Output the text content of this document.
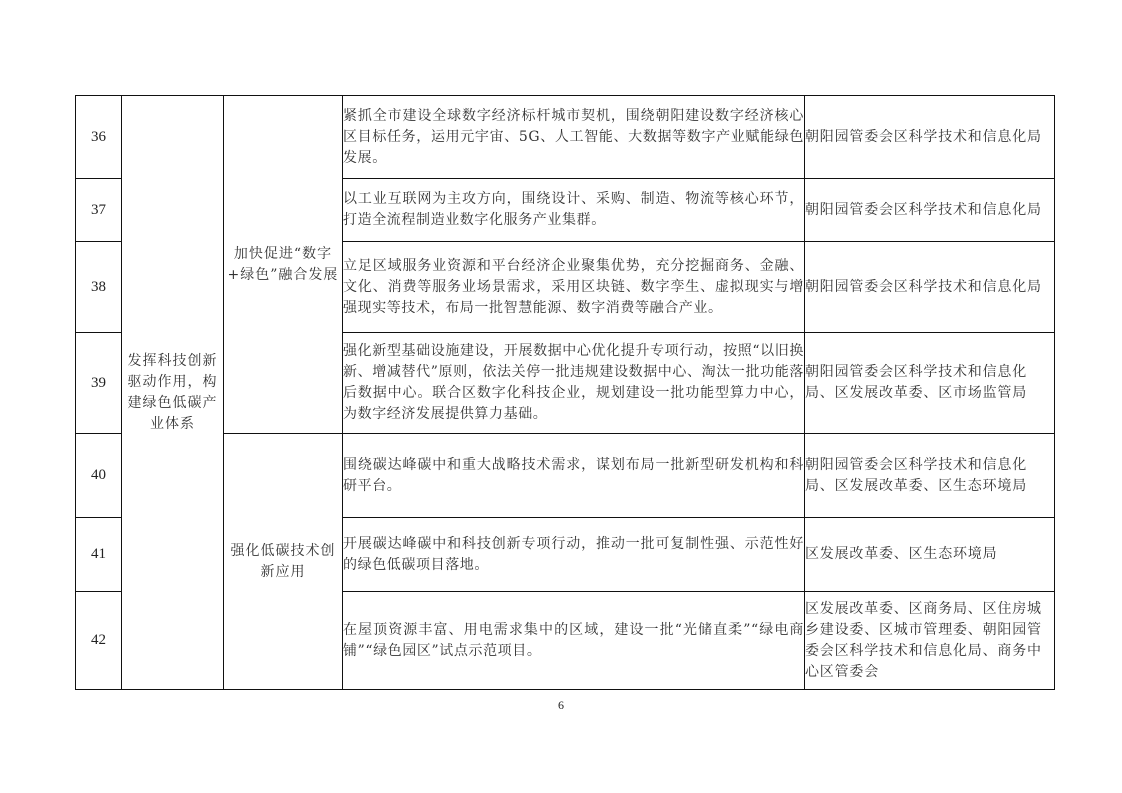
36	发挥科技创新驱动作用，构建绿色低碳产业体系	加快促进“数字+绿色”融合发展	紧抓全市建设全球数字经济标杆城市契机，围绕朝阳建设数字经济核心区目标任务，运用元宇宙、5G、人工智能、大数据等数字产业赋能绿色发展。	朝阳园管委会区科学技术和信息化局
37			以工业互联网为主攻方向，围绕设计、采购、制造、物流等核心环节，打造全流程制造业数字化服务产业集群。	朝阳园管委会区科学技术和信息化局
38			立足区域服务业资源和平台经济企业聚集优势，充分挖掘商务、金融、文化、消费等服务业场景需求，采用区块链、数字孪生、虚拟现实与增强现实等技术，布局一批智慧能源、数字消费等融合产业。	朝阳园管委会区科学技术和信息化局
39			强化新型基础设施建设，开展数据中心优化提升专项行动，按照“以旧换新、增减替代”原则，依法关停一批违规建设数据中心、淘汰一批功能落后数据中心。联合区数字化科技企业，规划建设一批功能型算力中心，为数字经济发展提供算力基础。	朝阳园管委会区科学技术和信息化局、区发展改革委、区市场监管局
40		强化低碳技术创新应用	围绕碳达峰碳中和重大战略技术需求，谋划布局一批新型研发机构和科研平台。	朝阳园管委会区科学技术和信息化局、区发展改革委、区生态环境局
41			开展碳达峰碳中和科技创新专项行动，推动一批可复制性强、示范性好的绿色低碳项目落地。	区发展改革委、区生态环境局
42			在屋顶资源丰富、用电需求集中的区域，建设一批“光储直柔”“绿电商铺”“绿色园区”试点示范项目。	区发展改革委、区商务局、区住房城乡建设委、区城市管理委、朝阳园管委会区科学技术和信息化局、商务中心区管委会
6
